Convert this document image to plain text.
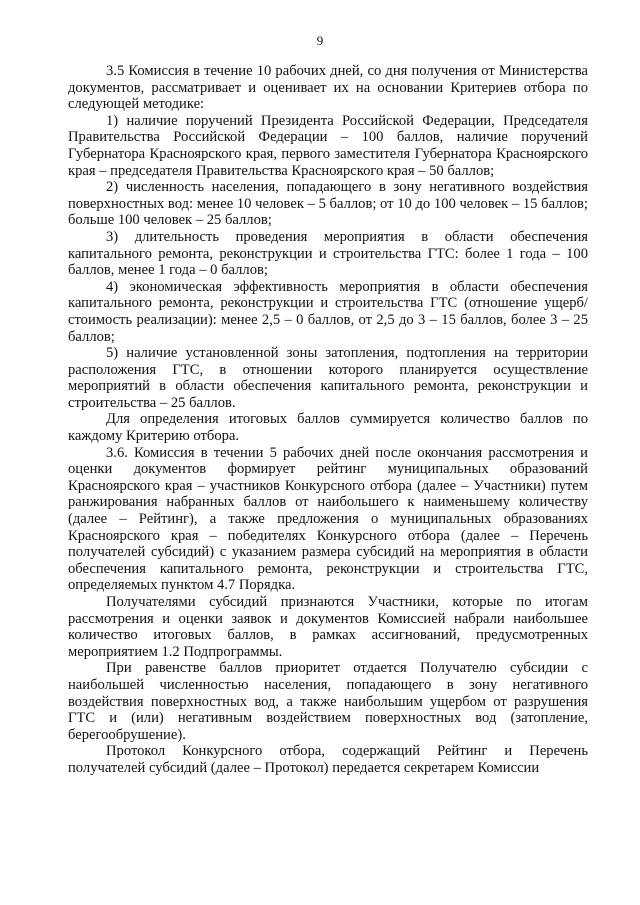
9

3.5 Комиссия в течение 10 рабочих дней, со дня получения от Министерства документов, рассматривает и оценивает их на основании Критериев отбора по следующей методике:

1) наличие поручений Президента Российской Федерации, Председателя Правительства Российской Федерации – 100 баллов, наличие поручений Губернатора Красноярского края, первого заместителя Губернатора Красноярского края – председателя Правительства Красноярского края – 50 баллов;

2) численность населения, попадающего в зону негативного воздействия поверхностных вод: менее 10 человек – 5 баллов; от 10 до 100 человек – 15 баллов; больше 100 человек – 25 баллов;

3) длительность проведения мероприятия в области обеспечения капитального ремонта, реконструкции и строительства ГТС: более 1 года – 100 баллов, менее 1 года – 0 баллов;

4) экономическая эффективность мероприятия в области обеспечения капитального ремонта, реконструкции и строительства ГТС (отношение ущерб/стоимость реализации): менее 2,5 – 0 баллов, от 2,5 до 3 – 15 баллов, более 3 – 25 баллов;

5) наличие установленной зоны затопления, подтопления на территории расположения ГТС, в отношении которого планируется осуществление мероприятий в области обеспечения капитального ремонта, реконструкции и строительства – 25 баллов.

Для определения итоговых баллов суммируется количество баллов по каждому Критерию отбора.

3.6. Комиссия в течении 5 рабочих дней после окончания рассмотрения и оценки документов формирует рейтинг муниципальных образований Красноярского края – участников Конкурсного отбора (далее – Участники) путем ранжирования набранных баллов от наибольшего к наименьшему количеству (далее – Рейтинг), а также предложения о муниципальных образованиях Красноярского края – победителях Конкурсного отбора (далее – Перечень получателей субсидий) с указанием размера субсидий на мероприятия в области обеспечения капитального ремонта, реконструкции и строительства ГТС, определяемых пунктом 4.7 Порядка.

Получателями субсидий признаются Участники, которые по итогам рассмотрения и оценки заявок и документов Комиссией набрали наибольшее количество итоговых баллов, в рамках ассигнований, предусмотренных мероприятием 1.2 Подпрограммы.

При равенстве баллов приоритет отдается Получателю субсидии с наибольшей численностью населения, попадающего в зону негативного воздействия поверхностных вод, а также наибольшим ущербом от разрушения ГТС и (или) негативным воздействием поверхностных вод (затопление, берегообрушение).

Протокол Конкурсного отбора, содержащий Рейтинг и Перечень получателей субсидий (далее – Протокол) передается секретарем Комиссии
